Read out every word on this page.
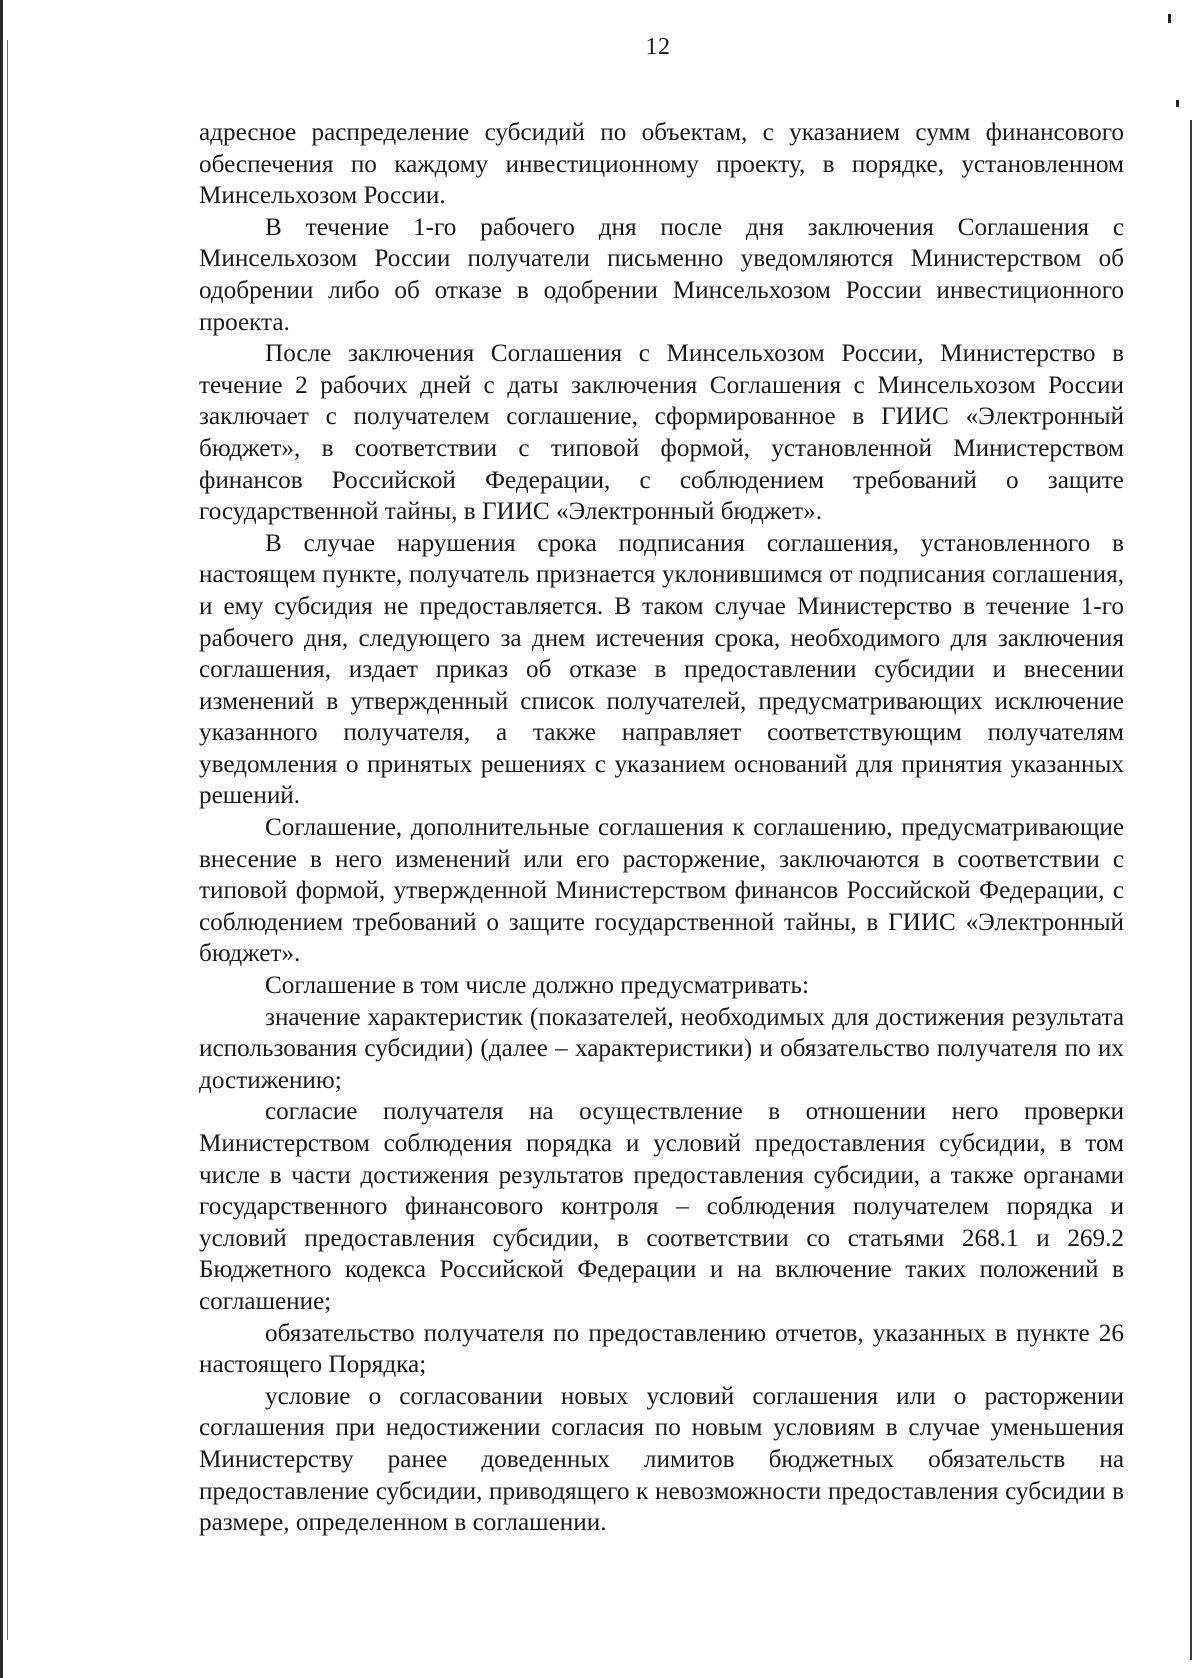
12

адресное распределение субсидий по объектам, с указанием сумм финансового обеспечения по каждому инвестиционному проекту, в порядке, установленном Минсельхозом России.

В течение 1-го рабочего дня после дня заключения Соглашения с Минсельхозом России получатели письменно уведомляются Министерством об одобрении либо об отказе в одобрении Минсельхозом России инвестиционного проекта.

После заключения Соглашения с Минсельхозом России, Министерство в течение 2 рабочих дней с даты заключения Соглашения с Минсельхозом России заключает с получателем соглашение, сформированное в ГИИС «Электронный бюджет», в соответствии с типовой формой, установленной Министерством финансов Российской Федерации, с соблюдением требований о защите государственной тайны, в ГИИС «Электронный бюджет».

В случае нарушения срока подписания соглашения, установленного в настоящем пункте, получатель признается уклонившимся от подписания соглашения, и ему субсидия не предоставляется. В таком случае Министерство в течение 1-го рабочего дня, следующего за днем истечения срока, необходимого для заключения соглашения, издает приказ об отказе в предоставлении субсидии и внесении изменений в утвержденный список получателей, предусматривающих исключение указанного получателя, а также направляет соответствующим получателям уведомления о принятых решениях с указанием оснований для принятия указанных решений.

Соглашение, дополнительные соглашения к соглашению, предусматривающие внесение в него изменений или его расторжение, заключаются в соответствии с типовой формой, утвержденной Министерством финансов Российской Федерации, с соблюдением требований о защите государственной тайны, в ГИИС «Электронный бюджет».

Соглашение в том числе должно предусматривать:

значение характеристик (показателей, необходимых для достижения результата использования субсидии) (далее – характеристики) и обязательство получателя по их достижению;

согласие получателя на осуществление в отношении него проверки Министерством соблюдения порядка и условий предоставления субсидии, в том числе в части достижения результатов предоставления субсидии, а также органами государственного финансового контроля – соблюдения получателем порядка и условий предоставления субсидии, в соответствии со статьями 268.1 и 269.2 Бюджетного кодекса Российской Федерации и на включение таких положений в соглашение;

обязательство получателя по предоставлению отчетов, указанных в пункте 26 настоящего Порядка;

условие о согласовании новых условий соглашения или о расторжении соглашения при недостижении согласия по новым условиям в случае уменьшения Министерству ранее доведенных лимитов бюджетных обязательств на предоставление субсидии, приводящего к невозможности предоставления субсидии в размере, определенном в соглашении.
